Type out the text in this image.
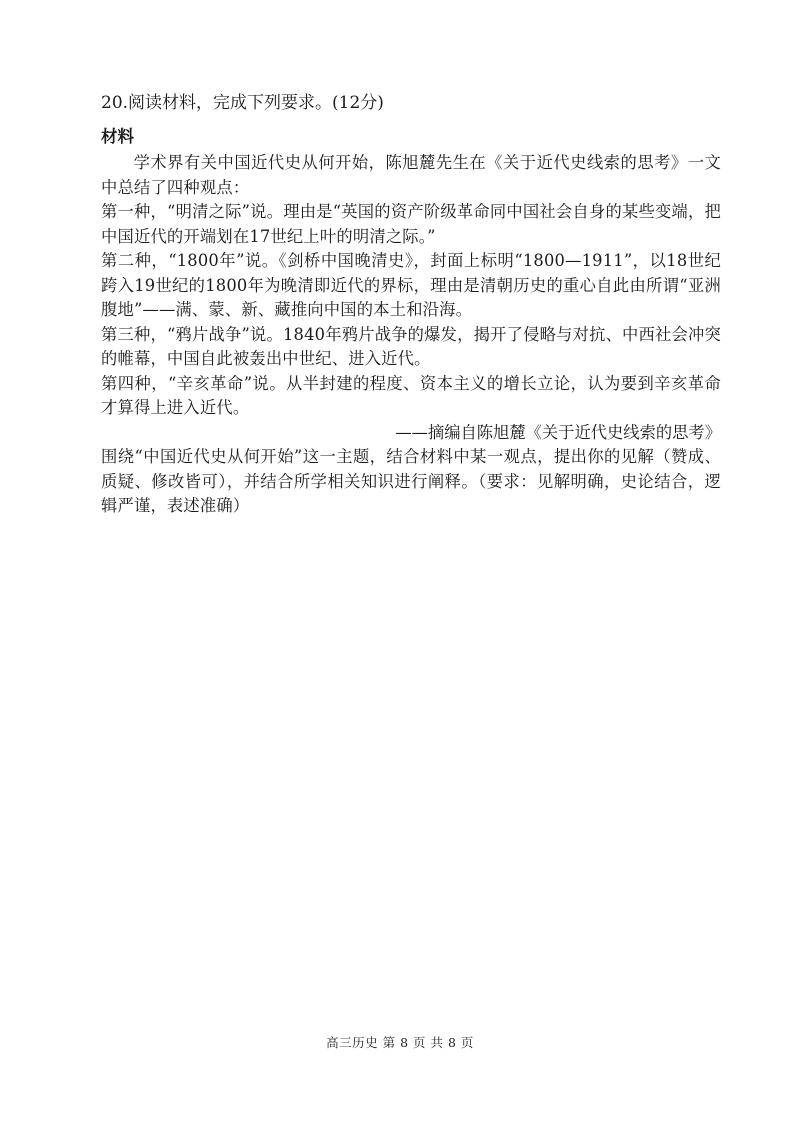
20.阅读材料，完成下列要求。(12分)

材料

学术界有关中国近代史从何开始，陈旭麓先生在《关于近代史线索的思考》一文中总结了四种观点：

第一种，“明清之际”说。理由是“英国的资产阶级革命同中国社会自身的某些变端，把中国近代的开端划在17世纪上叶的明清之际。”

第二种，“1800年”说。《剑桥中国晚清史》，封面上标明“1800—1911”，以18世纪跨入19世纪的1800年为晚清即近代的界标，理由是清朝历史的重心自此由所谓“亚洲腹地”——满、蒙、新、藏推向中国的本土和沿海。

第三种，“鸦片战争”说。1840年鸦片战争的爆发，揭开了侵略与对抗、中西社会冲突的帷幕，中国自此被轰出中世纪、进入近代。

第四种，“辛亥革命”说。从半封建的程度、资本主义的增长立论，认为要到辛亥革命才算得上进入近代。

——摘编自陈旭麓《关于近代史线索的思考》

围绕“中国近代史从何开始”这一主题，结合材料中某一观点，提出你的见解（赞成、质疑、修改皆可），并结合所学相关知识进行阐释。（要求：见解明确，史论结合，逻辑严谨，表述准确）

高三历史 第 8 页 共 8 页
